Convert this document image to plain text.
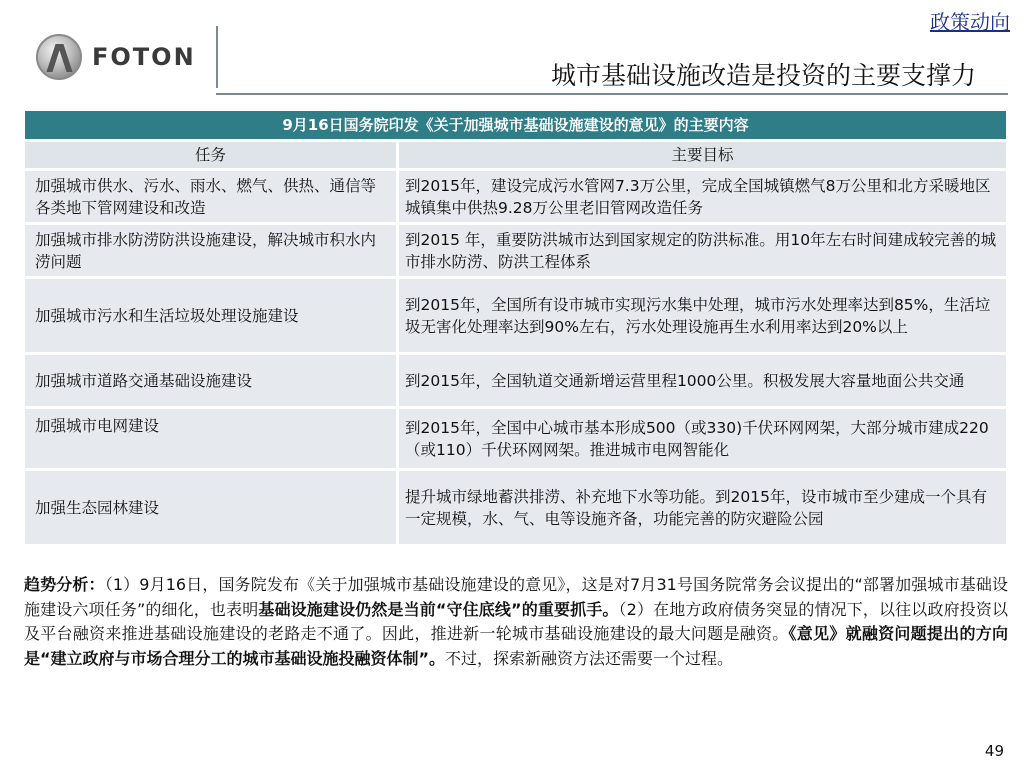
FOTON
政策动向
城市基础设施改造是投资的主要支撑力
9月16日国务院印发《关于加强城市基础设施建设的意见》的主要内容	
任务	主要目标
加强城市供水、污水、雨水、燃气、供热、通信等各类地下管网建设和改造	到2015年，建设完成污水管网7.3万公里，完成全国城镇燃气8万公里和北方采暖地区城镇集中供热9.28万公里老旧管网改造任务
加强城市排水防涝防洪设施建设，解决城市积水内涝问题	到2015 年，重要防洪城市达到国家规定的防洪标准。用10年左右时间建成较完善的城市排水防涝、防洪工程体系
加强城市污水和生活垃圾处理设施建设	到2015年，全国所有设市城市实现污水集中处理，城市污水处理率达到85%，生活垃圾无害化处理率达到90%左右，污水处理设施再生水利用率达到20%以上
加强城市道路交通基础设施建设	到2015年，全国轨道交通新增运营里程1000公里。积极发展大容量地面公共交通
加强城市电网建设	到2015年，全国中心城市基本形成500（或330)千伏环网网架，大部分城市建成220（或110）千伏环网网架。推进城市电网智能化
加强生态园林建设	提升城市绿地蓄洪排涝、补充地下水等功能。到2015年，设市城市至少建成一个具有一定规模，水、气、电等设施齐备，功能完善的防灾避险公园
趋势分析：（1）9月16日，国务院发布《关于加强城市基础设施建设的意见》，这是对7月31号国务院常务会议提出的“部署加强城市基础设施建设六项任务”的细化，也表明基础设施建设仍然是当前“守住底线”的重要抓手。（2）在地方政府债务突显的情况下，以往以政府投资以及平台融资来推进基础设施建设的老路走不通了。因此，推进新一轮城市基础设施建设的最大问题是融资。《意见》就融资问题提出的方向是“建立政府与市场合理分工的城市基础设施投融资体制”。不过，探索新融资方法还需要一个过程。
49
